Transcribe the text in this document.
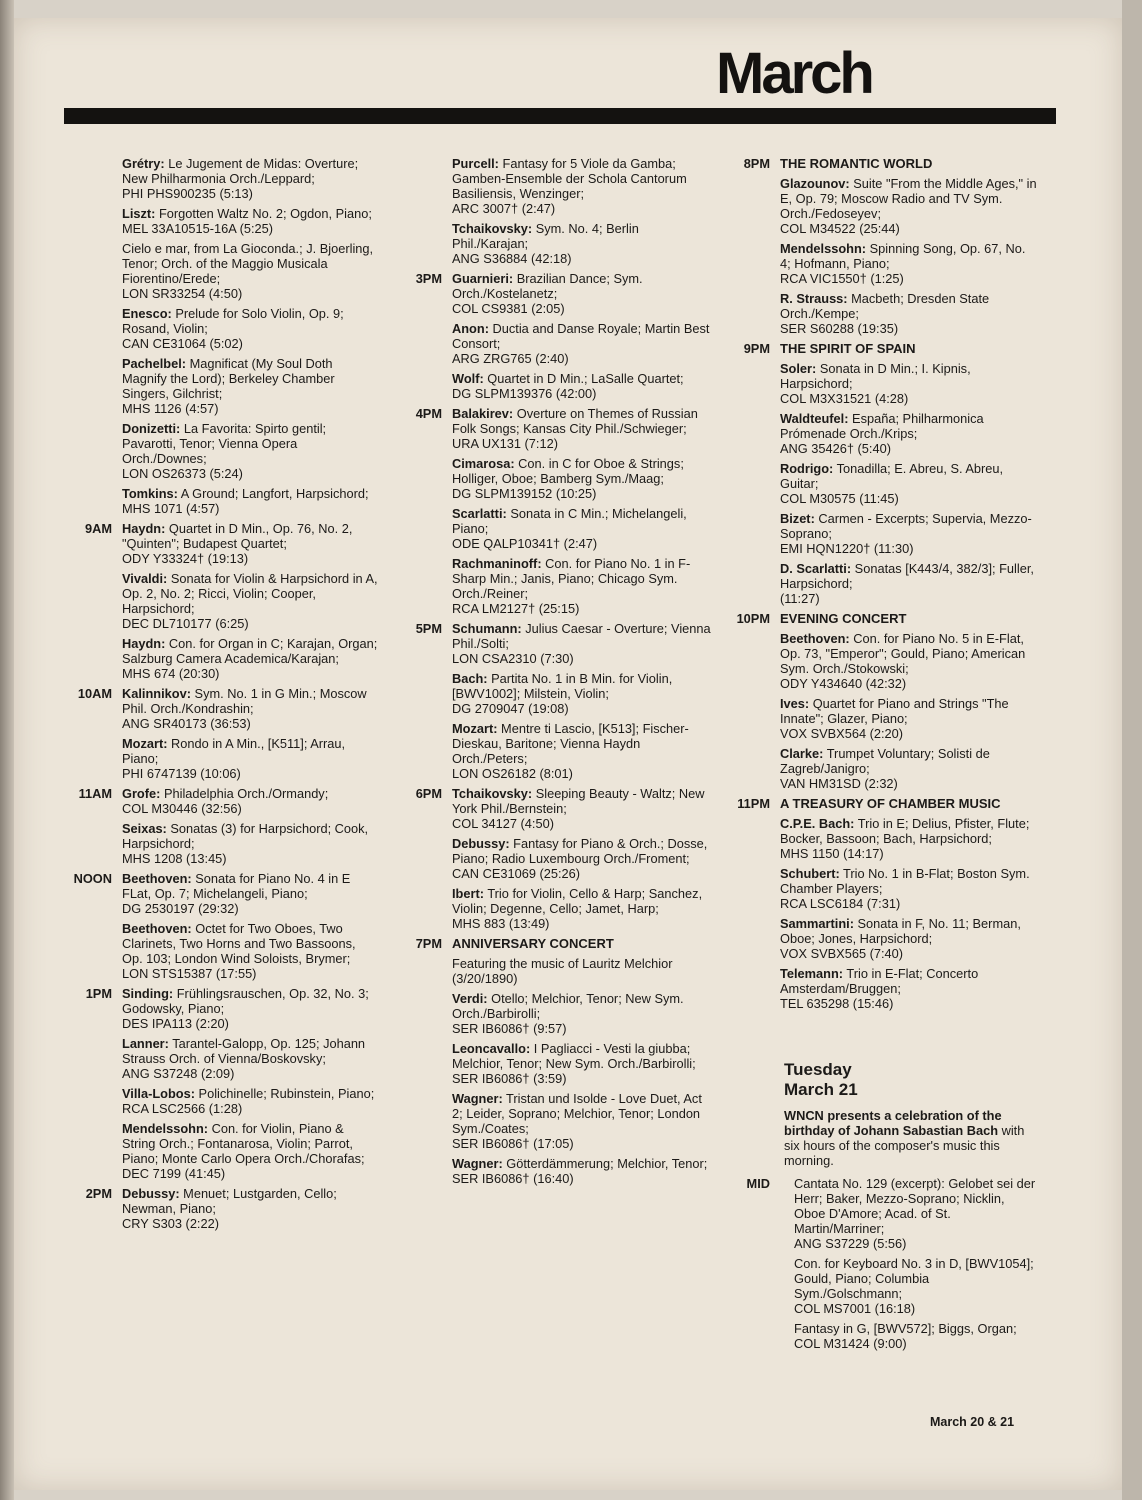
March
Grétry: Le Jugement de Midas: Overture; New Philharmonia Orch./Leppard;
PHI PHS900235 (5:13)
Liszt: Forgotten Waltz No. 2; Ogdon, Piano;
MEL 33A10515-16A (5:25)
Cielo e mar, from La Gioconda.; J. Bjoerling, Tenor; Orch. of the Maggio Musicala Fiorentino/Erede;
LON SR33254 (4:50)
Enesco: Prelude for Solo Violin, Op. 9; Rosand, Violin;
CAN CE31064 (5:02)
Pachelbel: Magnificat (My Soul Doth Magnify the Lord); Berkeley Chamber Singers, Gilchrist;
MHS 1126 (4:57)
Donizetti: La Favorita: Spirto gentil; Pavarotti, Tenor; Vienna Opera Orch./Downes;
LON OS26373 (5:24)
Tomkins: A Ground; Langfort, Harpsichord;
MHS 1071 (4:57)
9AM Haydn: Quartet in D Min., Op. 76, No. 2, "Quinten"; Budapest Quartet;
ODY Y33324† (19:13)
Vivaldi: Sonata for Violin & Harpsichord in A, Op. 2, No. 2; Ricci, Violin; Cooper, Harpsichord;
DEC DL710177 (6:25)
Haydn: Con. for Organ in C; Karajan, Organ; Salzburg Camera Academica/Karajan;
MHS 674 (20:30)
10AM Kalinnikov: Sym. No. 1 in G Min.; Moscow Phil. Orch./Kondrashin;
ANG SR40173 (36:53)
Mozart: Rondo in A Min., [K511]; Arrau, Piano;
PHI 6747139 (10:06)
11AM Grofe: Philadelphia Orch./Ormandy;
COL M30446 (32:56)
Seixas: Sonatas (3) for Harpsichord; Cook, Harpsichord;
MHS 1208 (13:45)
NOON Beethoven: Sonata for Piano No. 4 in E FLat, Op. 7; Michelangeli, Piano;
DG 2530197 (29:32)
Beethoven: Octet for Two Oboes, Two Clarinets, Two Horns and Two Bassoons, Op. 103; London Wind Soloists, Brymer;
LON STS15387 (17:55)
1PM Sinding: Frühlingsrauschen, Op. 32, No. 3; Godowsky, Piano;
DES IPA113 (2:20)
Lanner: Tarantel-Galopp, Op. 125; Johann Strauss Orch. of Vienna/Boskovsky;
ANG S37248 (2:09)
Villa-Lobos: Polichinelle; Rubinstein, Piano;
RCA LSC2566 (1:28)
Mendelssohn: Con. for Violin, Piano & String Orch.; Fontanarosa, Violin; Parrot, Piano; Monte Carlo Opera Orch./Chorafas;
DEC 7199 (41:45)
2PM Debussy: Menuet; Lustgarden, Cello; Newman, Piano;
CRY S303 (2:22)
Purcell: Fantasy for 5 Viole da Gamba; Gamben-Ensemble der Schola Cantorum Basiliensis, Wenzinger;
ARC 3007† (2:47)
Tchaikovsky: Sym. No. 4; Berlin Phil./Karajan;
ANG S36884 (42:18)
3PM Guarnieri: Brazilian Dance; Sym. Orch./Kostelanetz;
COL CS9381 (2:05)
Anon: Ductia and Danse Royale; Martin Best Consort;
ARG ZRG765 (2:40)
Wolf: Quartet in D Min.; LaSalle Quartet;
DG SLPM139376 (42:00)
4PM Balakirev: Overture on Themes of Russian Folk Songs; Kansas City Phil./Schwieger;
URA UX131 (7:12)
Cimarosa: Con. in C for Oboe & Strings; Holliger, Oboe; Bamberg Sym./Maag;
DG SLPM139152 (10:25)
Scarlatti: Sonata in C Min.; Michelangeli, Piano;
ODE QALP10341† (2:47)
Rachmaninoff: Con. for Piano No. 1 in F-Sharp Min.; Janis, Piano; Chicago Sym. Orch./Reiner;
RCA LM2127† (25:15)
5PM Schumann: Julius Caesar - Overture; Vienna Phil./Solti;
LON CSA2310 (7:30)
Bach: Partita No. 1 in B Min. for Violin, [BWV1002]; Milstein, Violin;
DG 2709047 (19:08)
Mozart: Mentre ti Lascio, [K513]; Fischer-Dieskau, Baritone; Vienna Haydn Orch./Peters;
LON OS26182 (8:01)
6PM Tchaikovsky: Sleeping Beauty - Waltz; New York Phil./Bernstein;
COL 34127 (4:50)
Debussy: Fantasy for Piano & Orch.; Dosse, Piano; Radio Luxembourg Orch./Froment;
CAN CE31069 (25:26)
Ibert: Trio for Violin, Cello & Harp; Sanchez, Violin; Degenne, Cello; Jamet, Harp;
MHS 883 (13:49)
7PM ANNIVERSARY CONCERT
Featuring the music of Lauritz Melchior (3/20/1890)
Verdi: Otello; Melchior, Tenor; New Sym. Orch./Barbirolli;
SER IB6086† (9:57)
Leoncavallo: I Pagliacci - Vesti la giubba; Melchior, Tenor; New Sym. Orch./Barbirolli;
SER IB6086† (3:59)
Wagner: Tristan und Isolde - Love Duet, Act 2; Leider, Soprano; Melchior, Tenor; London Sym./Coates;
SER IB6086† (17:05)
Wagner: Götterdämmerung; Melchior, Tenor;
SER IB6086† (16:40)
8PM THE ROMANTIC WORLD
Glazounov: Suite "From the Middle Ages," in E, Op. 79; Moscow Radio and TV Sym. Orch./Fedoseyev;
COL M34522 (25:44)
Mendelssohn: Spinning Song, Op. 67, No. 4; Hofmann, Piano;
RCA VIC1550† (1:25)
R. Strauss: Macbeth; Dresden State Orch./Kempe;
SER S60288 (19:35)
9PM THE SPIRIT OF SPAIN
Soler: Sonata in D Min.; I. Kipnis, Harpsichord;
COL M3X31521 (4:28)
Waldteufel: España; Philharmonica Prómenade Orch./Krips;
ANG 35426† (5:40)
Rodrigo: Tonadilla; E. Abreu, S. Abreu, Guitar;
COL M30575 (11:45)
Bizet: Carmen - Excerpts; Supervia, Mezzo-Soprano;
EMI HQN1220† (11:30)
D. Scarlatti: Sonatas [K443/4, 382/3]; Fuller, Harpsichord;
(11:27)
10PM EVENING CONCERT
Beethoven: Con. for Piano No. 5 in E-Flat, Op. 73, "Emperor"; Gould, Piano; American Sym. Orch./Stokowski;
ODY Y434640 (42:32)
Ives: Quartet for Piano and Strings "The Innate"; Glazer, Piano;
VOX SVBX564 (2:20)
Clarke: Trumpet Voluntary; Solisti de Zagreb/Janigro;
VAN HM31SD (2:32)
11PM A TREASURY OF CHAMBER MUSIC
C.P.E. Bach: Trio in E; Delius, Pfister, Flute; Bocker, Bassoon; Bach, Harpsichord;
MHS 1150 (14:17)
Schubert: Trio No. 1 in B-Flat; Boston Sym. Chamber Players;
RCA LSC6184 (7:31)
Sammartini: Sonata in F, No. 11; Berman, Oboe; Jones, Harpsichord;
VOX SVBX565 (7:40)
Telemann: Trio in E-Flat; Concerto Amsterdam/Bruggen;
TEL 635298 (15:46)
Tuesday
March 21
WNCN presents a celebration of the birthday of Johann Sabastian Bach with six hours of the composer's music this morning.
MID	Cantata No. 129 (excerpt): Gelobet sei der Herr; Baker, Mezzo-Soprano; Nicklin, Oboe D'Amore; Acad. of St. Martin/Marriner;
ANG S37229 (5:56)
Con. for Keyboard No. 3 in D, [BWV1054]; Gould, Piano; Columbia Sym./Golschmann;
COL MS7001 (16:18)
Fantasy in G, [BWV572]; Biggs, Organ;
COL M31424 (9:00)
March 20 & 21
